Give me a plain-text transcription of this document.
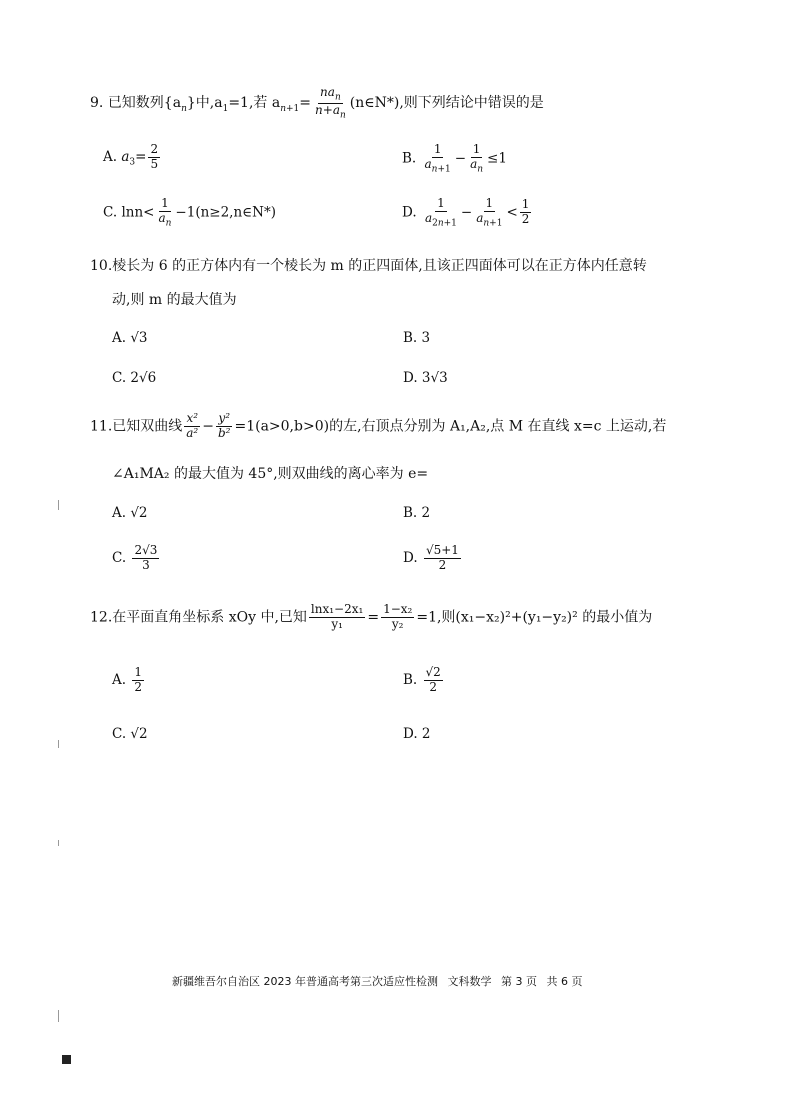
9. 已知数列$\{a_n\}$中$,a_1=1$,若 $a_{n+1}= \frac{na_n}{n+a_n}$ (n∈N*),则下列结论中错误的是
A. $a_3= \frac{2}{5}$	B. $\frac{1}{a_{n+1}} - \frac{1}{a_n} \le 1$
C. $\ln n< \frac{1}{a_n}$ −1(n≥2,n∈N*)	D. $\frac{1}{a_{2n+1}} - \frac{1}{a_{n+1}} < \frac{1}{2}$
10.棱长为 6 的正方体内有一个棱长为 m 的正四面体,且该正四面体可以在正方体内任意转
动,则 m 的最大值为
A. √3	B. 3
C. 2√6	D. 3√3
11.已知双曲线 $\frac{\text{x²}}{\text{a²}} - \frac{\text{y²}}{\text{b²}} =1(a>0,b>0)$的左,右顶点分别为 A₁,A₂,点 M 在直线 x=c 上运动,若
∠A₁MA₂ 的最大值为 45°,则双曲线的离心率为 e=
A. √2	B. 2
C. $\frac{2√3}{3}$	D. $\frac{√5+1}{2}$
12.在平面直角坐标系 xOy 中,已知 $\frac{\text{lnx₁−2x₁}}{\text{y₁}} = \frac{\text{1−x₂}}{\text{y₂}} =1$,则(x₁−x₂)²+(y₁−y₂)² 的最小值为
A. $\frac{1}{2}$	B. $\frac{√2}{2}$
C. √2	D. 2
新疆维吾尔自治区 2023 年普通高考第三次适应性检测 文科数学 第 3 页 共 6 页
